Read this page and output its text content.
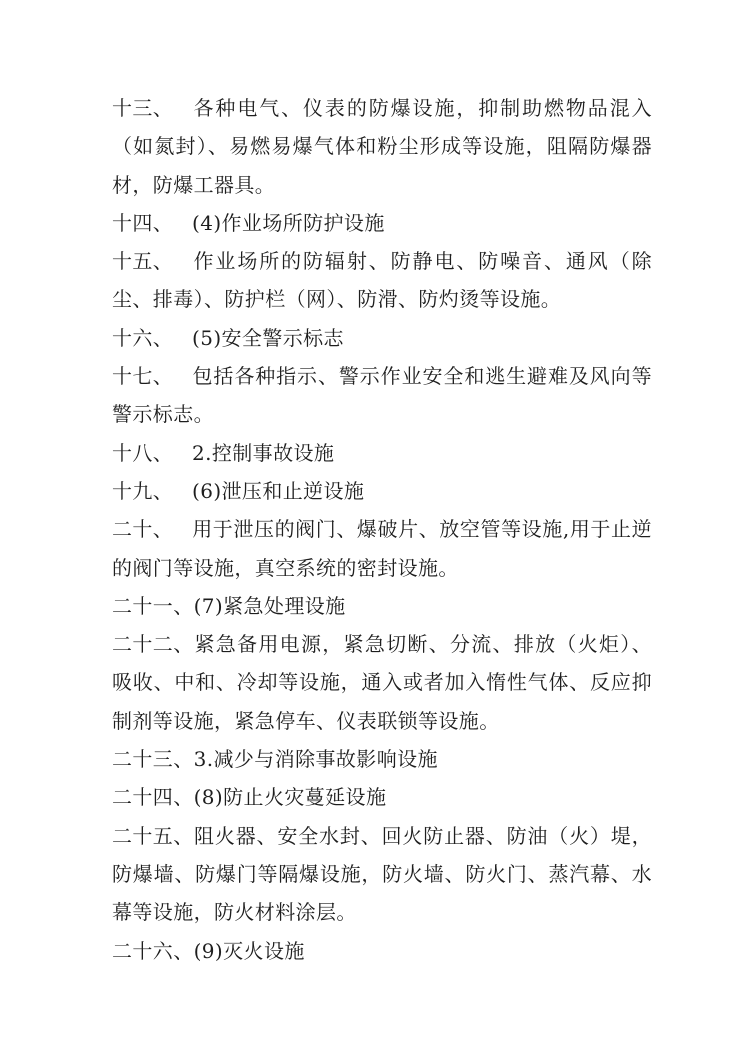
十三、 各种电气、仪表的防爆设施，抑制助燃物品混入（如氮封）、易燃易爆气体和粉尘形成等设施，阻隔防爆器材，防爆工器具。

十四、 (4)作业场所防护设施

十五、 作业场所的防辐射、防静电、防噪音、通风（除尘、排毒）、防护栏（网）、防滑、防灼烫等设施。

十六、 (5)安全警示标志

十七、 包括各种指示、警示作业安全和逃生避难及风向等警示标志。

十八、 2.控制事故设施

十九、 (6)泄压和止逆设施

二十、 用于泄压的阀门、爆破片、放空管等设施,用于止逆的阀门等设施，真空系统的密封设施。

二十一、(7)紧急处理设施

二十二、紧急备用电源，紧急切断、分流、排放（火炬）、吸收、中和、冷却等设施，通入或者加入惰性气体、反应抑制剂等设施，紧急停车、仪表联锁等设施。

二十三、3.减少与消除事故影响设施

二十四、(8)防止火灾蔓延设施

二十五、阻火器、安全水封、回火防止器、防油（火）堤，防爆墙、防爆门等隔爆设施，防火墙、防火门、蒸汽幕、水幕等设施，防火材料涂层。

二十六、(9)灭火设施
